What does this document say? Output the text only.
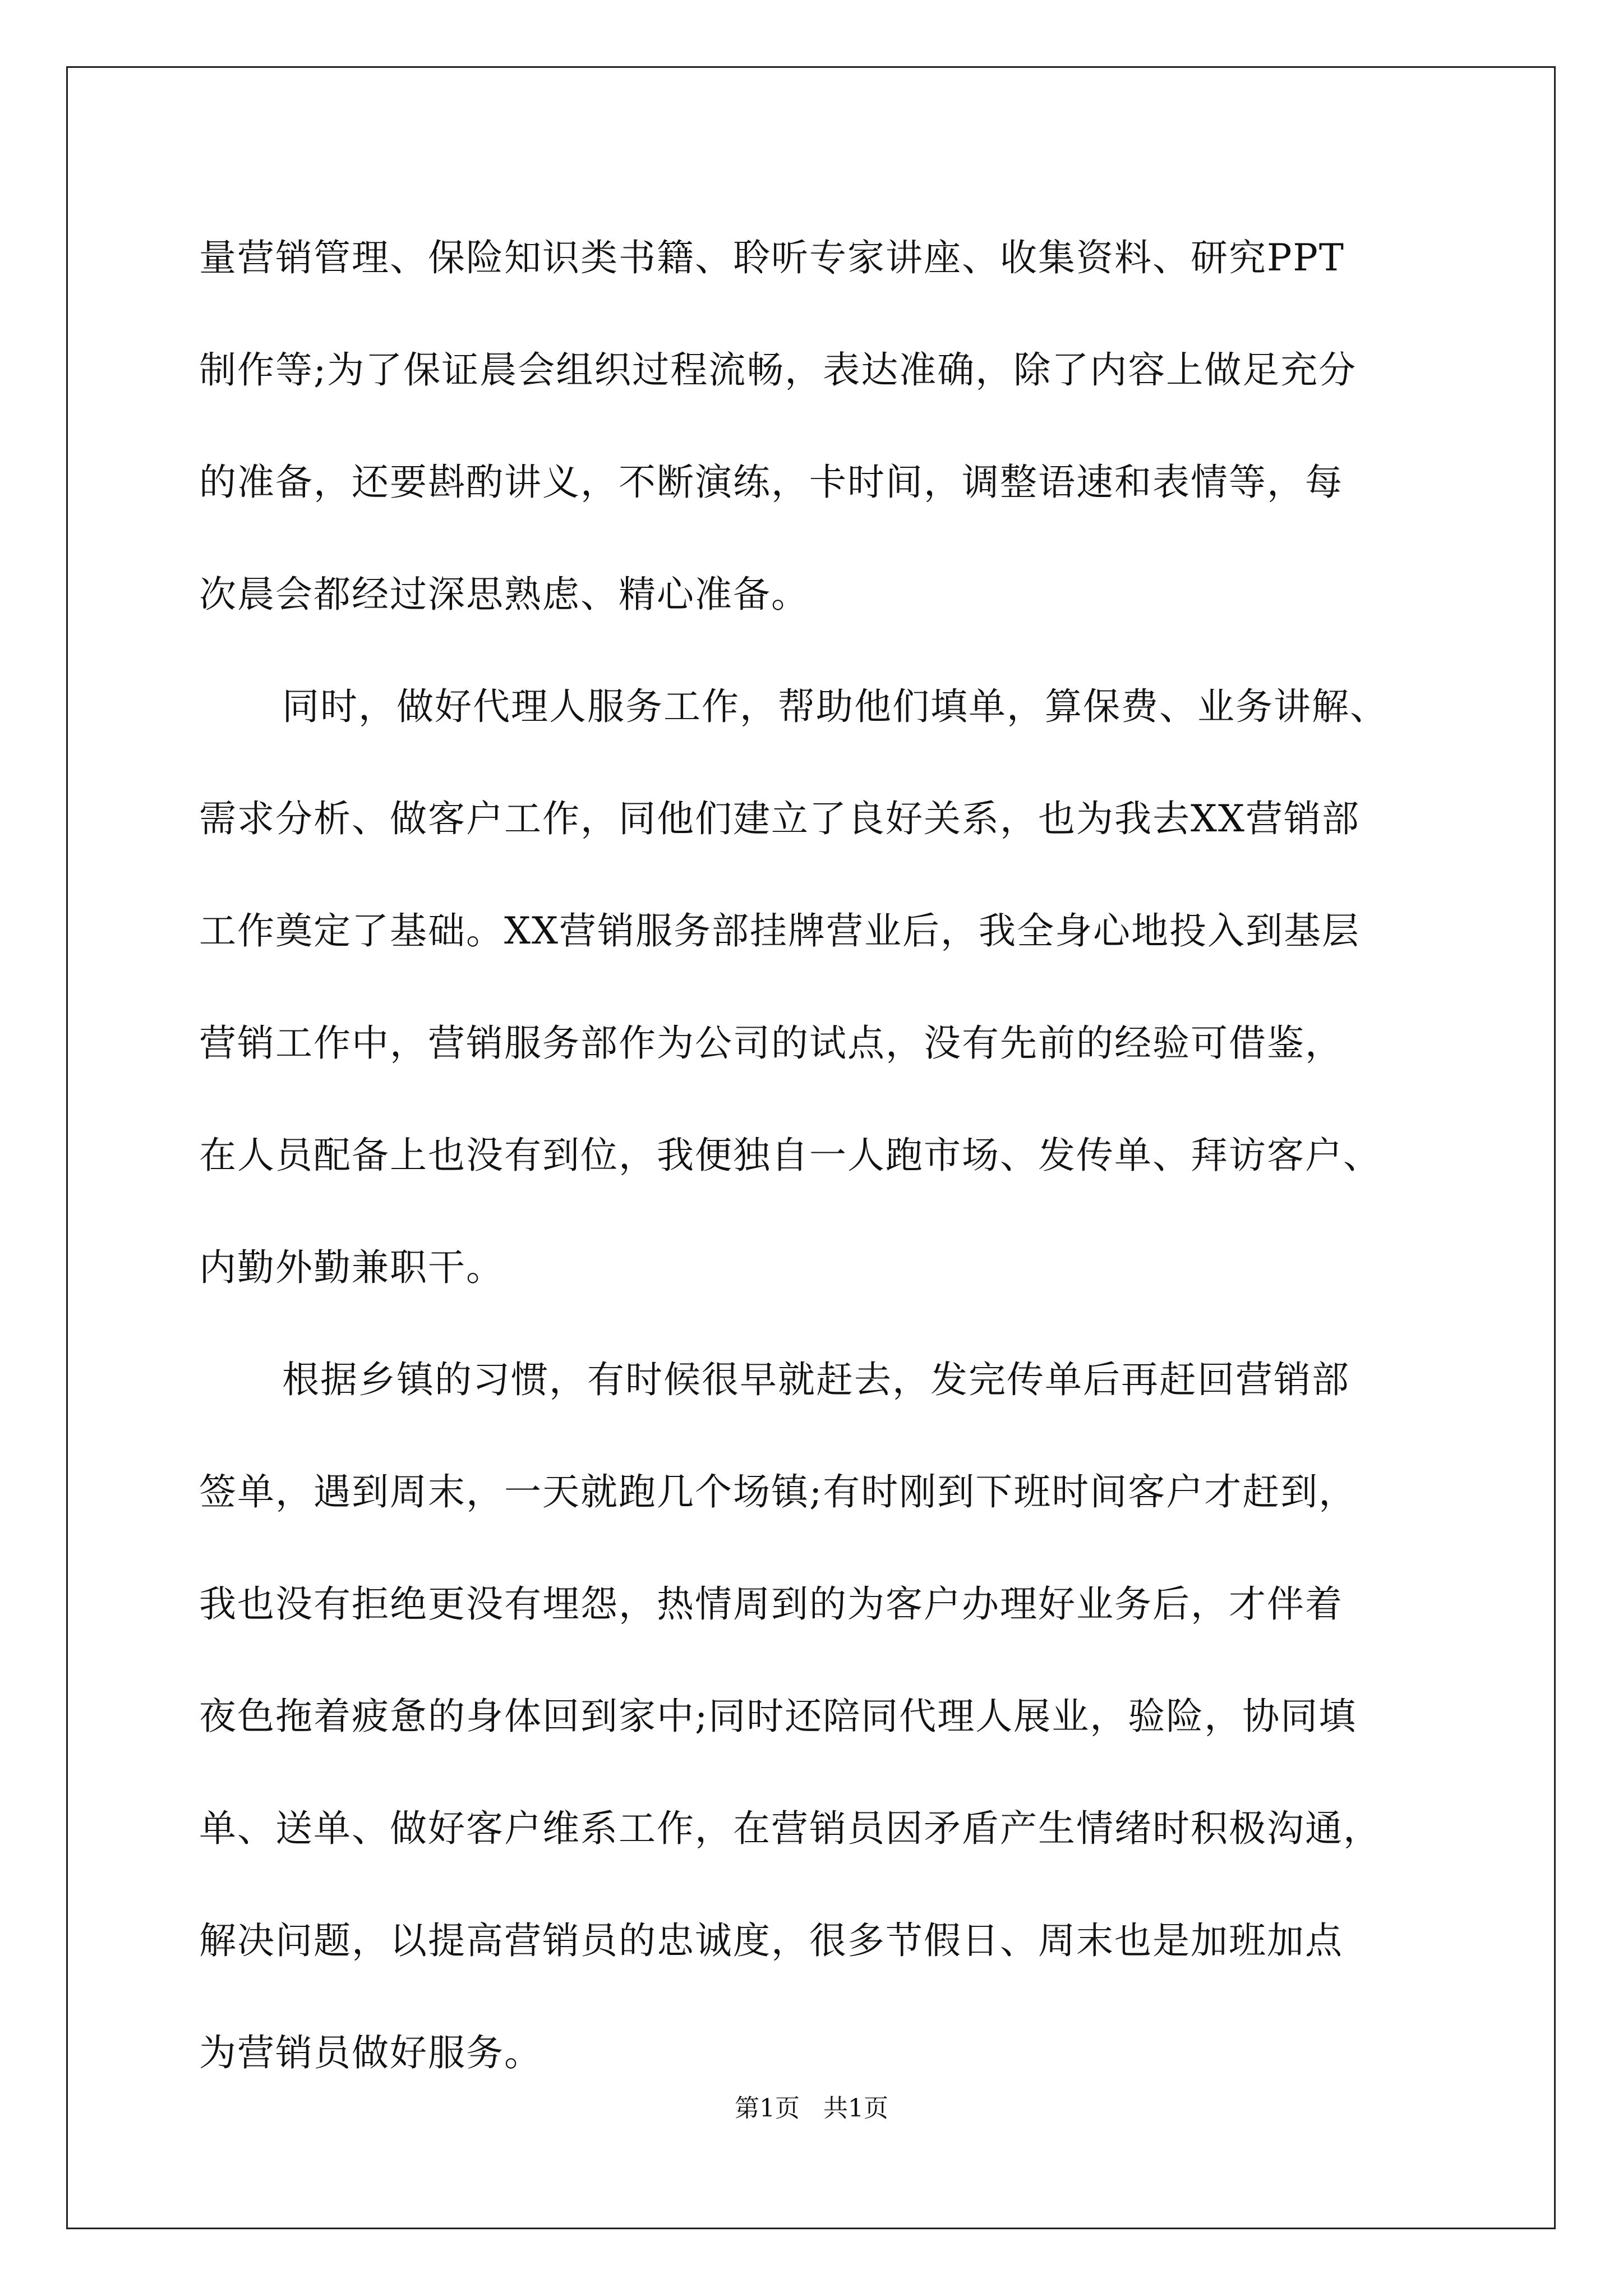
量营销管理、保险知识类书籍、聆听专家讲座、收集资料、研究PPT
制作等;为了保证晨会组织过程流畅，表达准确，除了内容上做足充分
的准备，还要斟酌讲义，不断演练，卡时间，调整语速和表情等，每
次晨会都经过深思熟虑、精心准备。
同时，做好代理人服务工作，帮助他们填单，算保费、业务讲解、
需求分析、做客户工作，同他们建立了良好关系，也为我去XX营销部
工作奠定了基础。XX营销服务部挂牌营业后，我全身心地投入到基层
营销工作中，营销服务部作为公司的试点，没有先前的经验可借鉴，
在人员配备上也没有到位，我便独自一人跑市场、发传单、拜访客户、
内勤外勤兼职干。
根据乡镇的习惯，有时候很早就赶去，发完传单后再赶回营销部
签单，遇到周末，一天就跑几个场镇;有时刚到下班时间客户才赶到，
我也没有拒绝更没有埋怨，热情周到的为客户办理好业务后，才伴着
夜色拖着疲惫的身体回到家中;同时还陪同代理人展业，验险，协同填
单、送单、做好客户维系工作，在营销员因矛盾产生情绪时积极沟通，
解决问题，以提高营销员的忠诚度，很多节假日、周末也是加班加点
为营销员做好服务。
第1页   共1页
